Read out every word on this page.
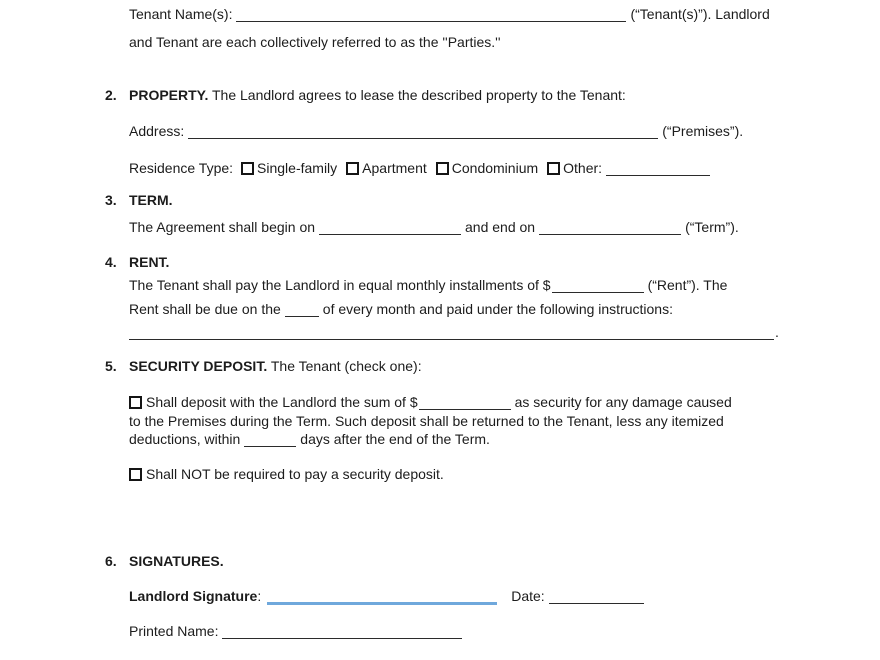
Tenant Name(s):	(“Tenant(s)”). Landlord
and Tenant are each collectively referred to as the ''Parties.''
2. PROPERTY. The Landlord agrees to lease the described property to the Tenant:
Address:	(“Premises”).
Residence Type: Single-family Apartment Condominium Other:
3. TERM.
The Agreement shall begin on	and end on	(“Term”).
4. RENT.
The Tenant shall pay the Landlord in equal monthly installments of $	(“Rent”). The
Rent shall be due on the	of every month and paid under the following instructions:
.
5. SECURITY DEPOSIT. The Tenant (check one):
Shall deposit with the Landlord the sum of $	as security for any damage caused
to the Premises during the Term. Such deposit shall be returned to the Tenant, less any itemized
deductions, within	days after the end of the Term.
Shall NOT be required to pay a security deposit.
6. SIGNATURES.
Landlord Signature:	Date:
Printed Name:
